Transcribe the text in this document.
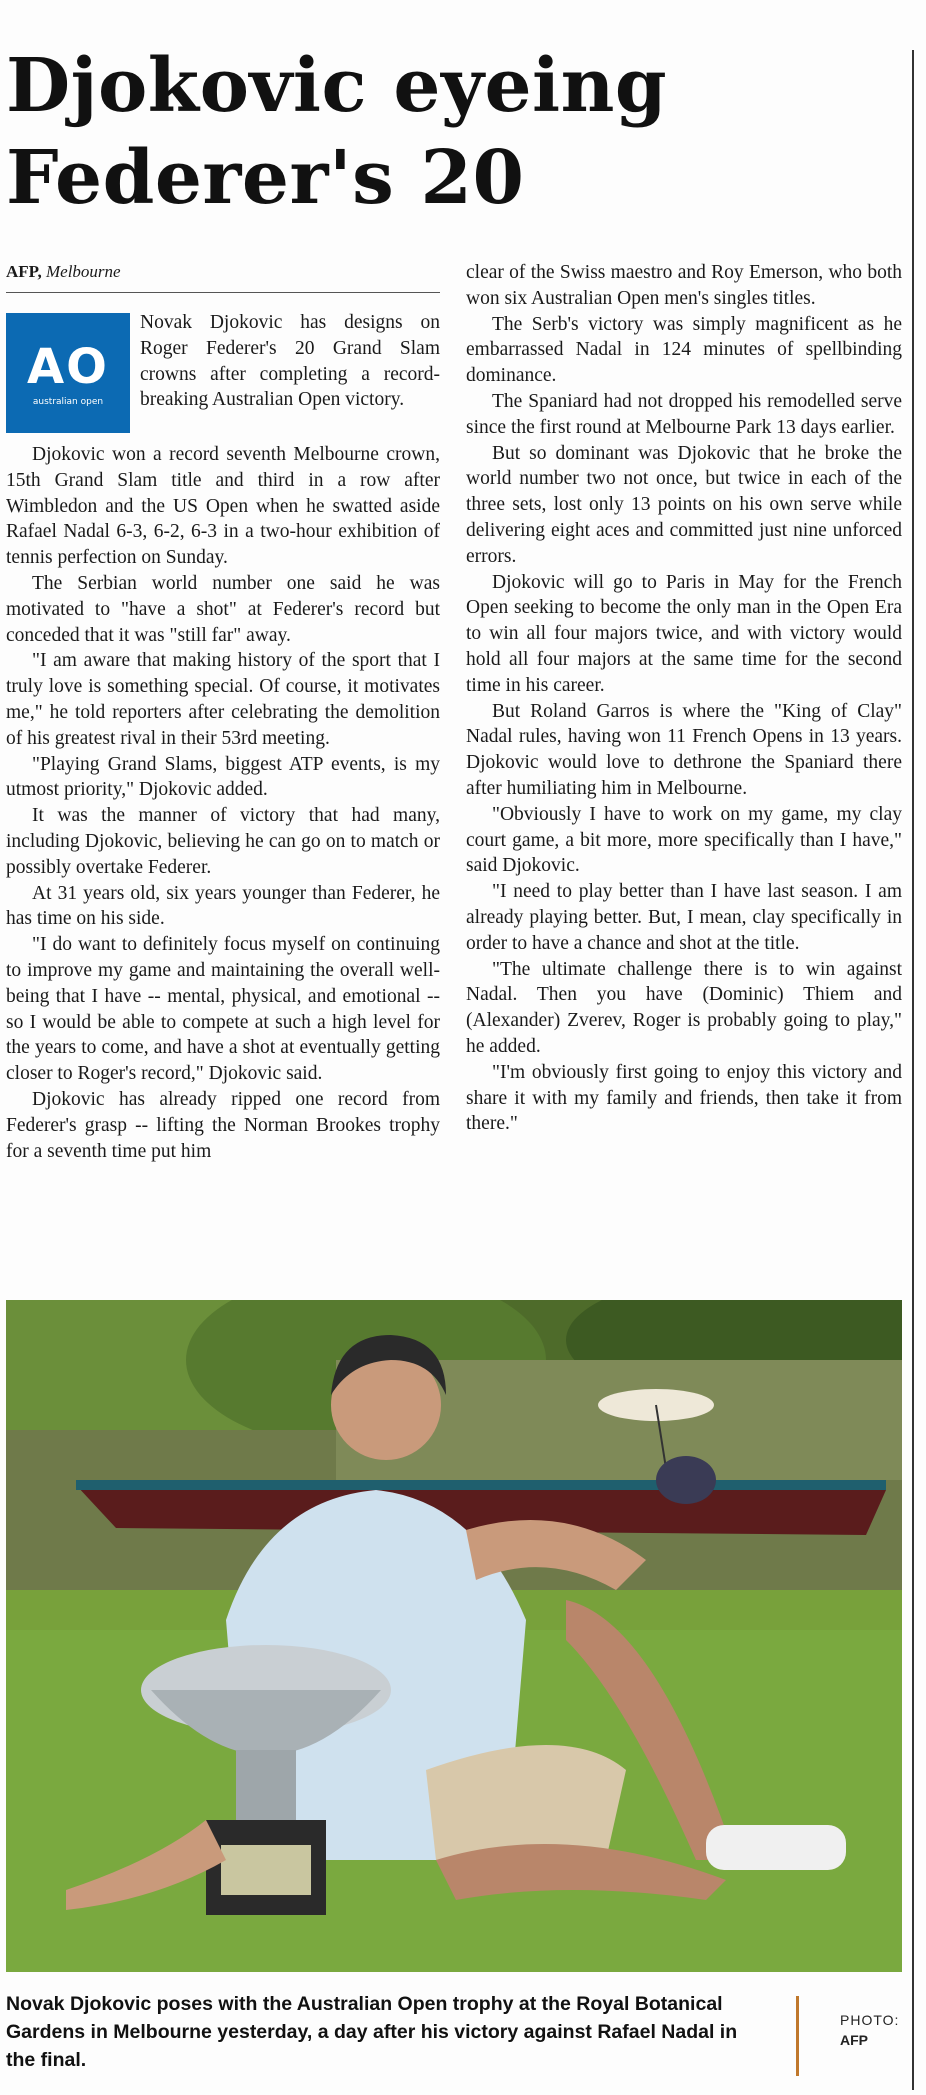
Djokovic eyeing
Federer's 20
AFP, Melbourne
AO
australian open
Novak Djokovic has designs on Roger Federer's 20 Grand Slam crowns after completing a record-breaking Australian Open victory.

Djokovic won a record seventh Melbourne crown, 15th Grand Slam title and third in a row after Wimbledon and the US Open when he swatted aside Rafael Nadal 6-3, 6-2, 6-3 in a two-hour exhibition of tennis perfection on Sunday.

The Serbian world number one said he was motivated to "have a shot" at Federer's record but conceded that it was "still far" away.

"I am aware that making history of the sport that I truly love is something special. Of course, it motivates me," he told reporters after celebrating the demolition of his greatest rival in their 53rd meeting.

"Playing Grand Slams, biggest ATP events, is my utmost priority," Djokovic added.

It was the manner of victory that had many, including Djokovic, believing he can go on to match or possibly overtake Federer.

At 31 years old, six years younger than Federer, he has time on his side.

"I do want to definitely focus myself on continuing to improve my game and maintaining the overall well-being that I have -- mental, physical, and emotional -- so I would be able to compete at such a high level for the years to come, and have a shot at eventually getting closer to Roger's record," Djokovic said.

Djokovic has already ripped one record from Federer's grasp -- lifting the Norman Brookes trophy for a seventh time put him

clear of the Swiss maestro and Roy Emerson, who both won six Australian Open men's singles titles.

The Serb's victory was simply magnificent as he embarrassed Nadal in 124 minutes of spellbinding dominance.

The Spaniard had not dropped his remodelled serve since the first round at Melbourne Park 13 days earlier.

But so dominant was Djokovic that he broke the world number two not once, but twice in each of the three sets, lost only 13 points on his own serve while delivering eight aces and committed just nine unforced errors.

Djokovic will go to Paris in May for the French Open seeking to become the only man in the Open Era to win all four majors twice, and with victory would hold all four majors at the same time for the second time in his career.

But Roland Garros is where the "King of Clay" Nadal rules, having won 11 French Opens in 13 years. Djokovic would love to dethrone the Spaniard there after humiliating him in Melbourne.

"Obviously I have to work on my game, my clay court game, a bit more, more specifically than I have," said Djokovic.

"I need to play better than I have last season. I am already playing better. But, I mean, clay specifically in order to have a chance and shot at the title.

"The ultimate challenge there is to win against Nadal. Then you have (Dominic) Thiem and (Alexander) Zverev, Roger is probably going to play," he added.

"I'm obviously first going to enjoy this victory and share it with my family and friends, then take it from there."

Novak Djokovic poses with the Australian Open trophy at the Royal Botanical Gardens in Melbourne yesterday, a day after his victory against Rafael Nadal in the final.
PHOTO:
AFP
